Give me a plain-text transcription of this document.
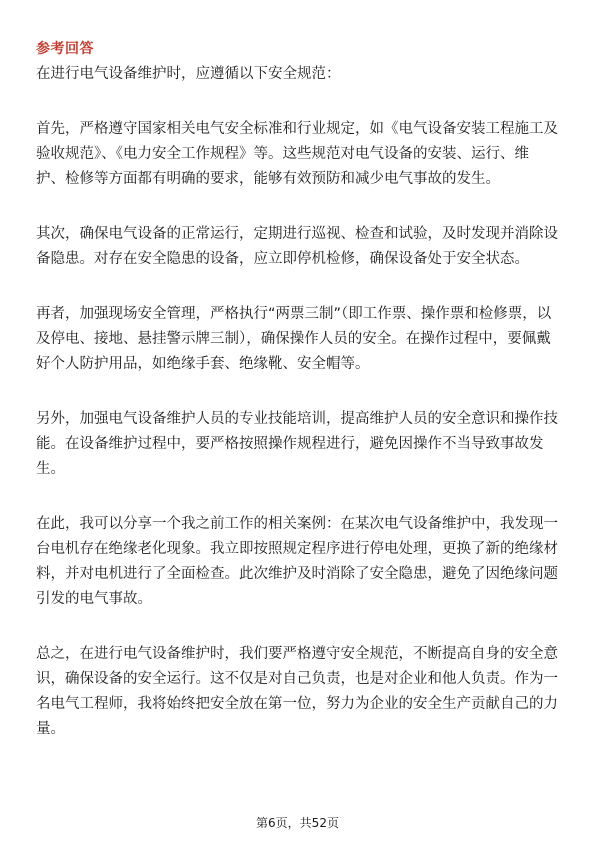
参考回答

在进行电气设备维护时，应遵循以下安全规范：

首先，严格遵守国家相关电气安全标准和行业规定，如《电气设备安装工程施工及
验收规范》、《电力安全工作规程》等。这些规范对电气设备的安装、运行、维
护、检修等方面都有明确的要求，能够有效预防和减少电气事故的发生。

其次，确保电气设备的正常运行，定期进行巡视、检查和试验，及时发现并消除设
备隐患。对存在安全隐患的设备，应立即停机检修，确保设备处于安全状态。

再者，加强现场安全管理，严格执行“两票三制”（即工作票、操作票和检修票，以
及停电、接地、悬挂警示牌三制），确保操作人员的安全。在操作过程中，要佩戴
好个人防护用品，如绝缘手套、绝缘靴、安全帽等。

另外，加强电气设备维护人员的专业技能培训，提高维护人员的安全意识和操作技
能。在设备维护过程中，要严格按照操作规程进行，避免因操作不当导致事故发
生。

在此，我可以分享一个我之前工作的相关案例：在某次电气设备维护中，我发现一
台电机存在绝缘老化现象。我立即按照规定程序进行停电处理，更换了新的绝缘材
料，并对电机进行了全面检查。此次维护及时消除了安全隐患，避免了因绝缘问题
引发的电气事故。

总之，在进行电气设备维护时，我们要严格遵守安全规范，不断提高自身的安全意
识，确保设备的安全运行。这不仅是对自己负责，也是对企业和他人负责。作为一
名电气工程师，我将始终把安全放在第一位，努力为企业的安全生产贡献自己的力
量。

第6页，共52页
